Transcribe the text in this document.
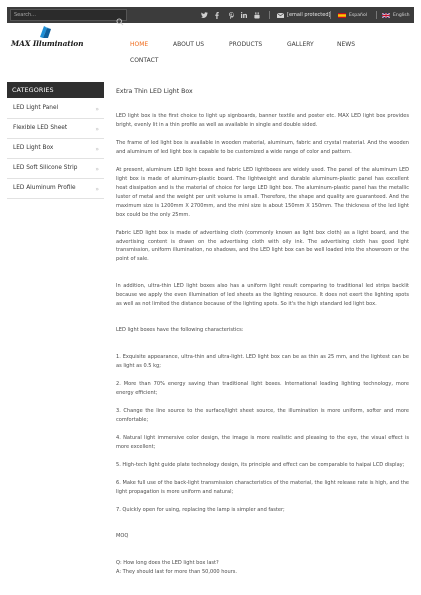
Search...
[email protected]	Español	English
MAX Illumination	HOME	ABOUT US	PRODUCTS	GALLERY	NEWS
CONTACT
CATEGORIES
LED Light Panel	»
Flexible LED Sheet	»
LED Light Box	»
LED Soft Silicone Strip	»
LED Aluminum Profile	»
Extra Thin LED Light Box

LED light box is the first choice to light up signboards, banner textile and poster etc. MAX LED light box provides bright, evenly lit in a thin profile as well as available in single and double sided.

The frame of led light box is available in wooden material, aluminum, fabric and crystal material. And the wooden and aluminum of led light box is capable to be customized a wide range of color and pattern.

At present, aluminum LED light boxes and fabric LED lightboxes are widely used. The panel of the aluminum LED light box is made of aluminum-plastic board. The lightweight and durable aluminum-plastic panel has excellent heat dissipation and is the material of choice for large LED light box. The aluminum-plastic panel has the metallic luster of metal and the weight per unit volume is small. Therefore, the shape and quality are guaranteed. And the maximum size is 1200mm X 2700mm, and the mini size is about 150mm X 150mm. The thickness of the led light box could be the only 25mm.

Fabric LED light box is made of advertising cloth (commonly known as light box cloth) as a light board, and the advertising content is drawn on the advertising cloth with oily ink. The advertising cloth has good light transmission, uniform illumination, no shadows, and the LED light box can be well loaded into the showroom or the point of sale.

In addition, ultra-thin LED light boxes also has a uniform light result comparing to traditional led strips backlit because we apply the even illumination of led sheets as the lighting resource. It does not exert the lighting spots as well as not limited the distance because of the lighting spots. So it's the high standard led light box.

LED light boxes have the following characteristics:

1. Exquisite appearance, ultra-thin and ultra-light. LED light box can be as thin as 25 mm, and the lightest can be as light as 0.5 kg;

2. More than 70% energy saving than traditional light boxes. International leading lighting technology, more energy efficient;

3. Change the line source to the surface/light sheet source, the illumination is more uniform, softer and more comfortable;

4. Natural light immersive color design, the image is more realistic and pleasing to the eye, the visual effect is more excellent;

5. High-tech light guide plate technology design, its principle and effect can be comparable to haipai LCD display;

6. Make full use of the back-light transmission characteristics of the material, the light release rate is high, and the light propagation is more uniform and natural;

7. Quickly open for using, replacing the lamp is simpler and faster;

MOQ

Q: How long does the LED light box last?

A: They should last for more than 50,000 hours.
